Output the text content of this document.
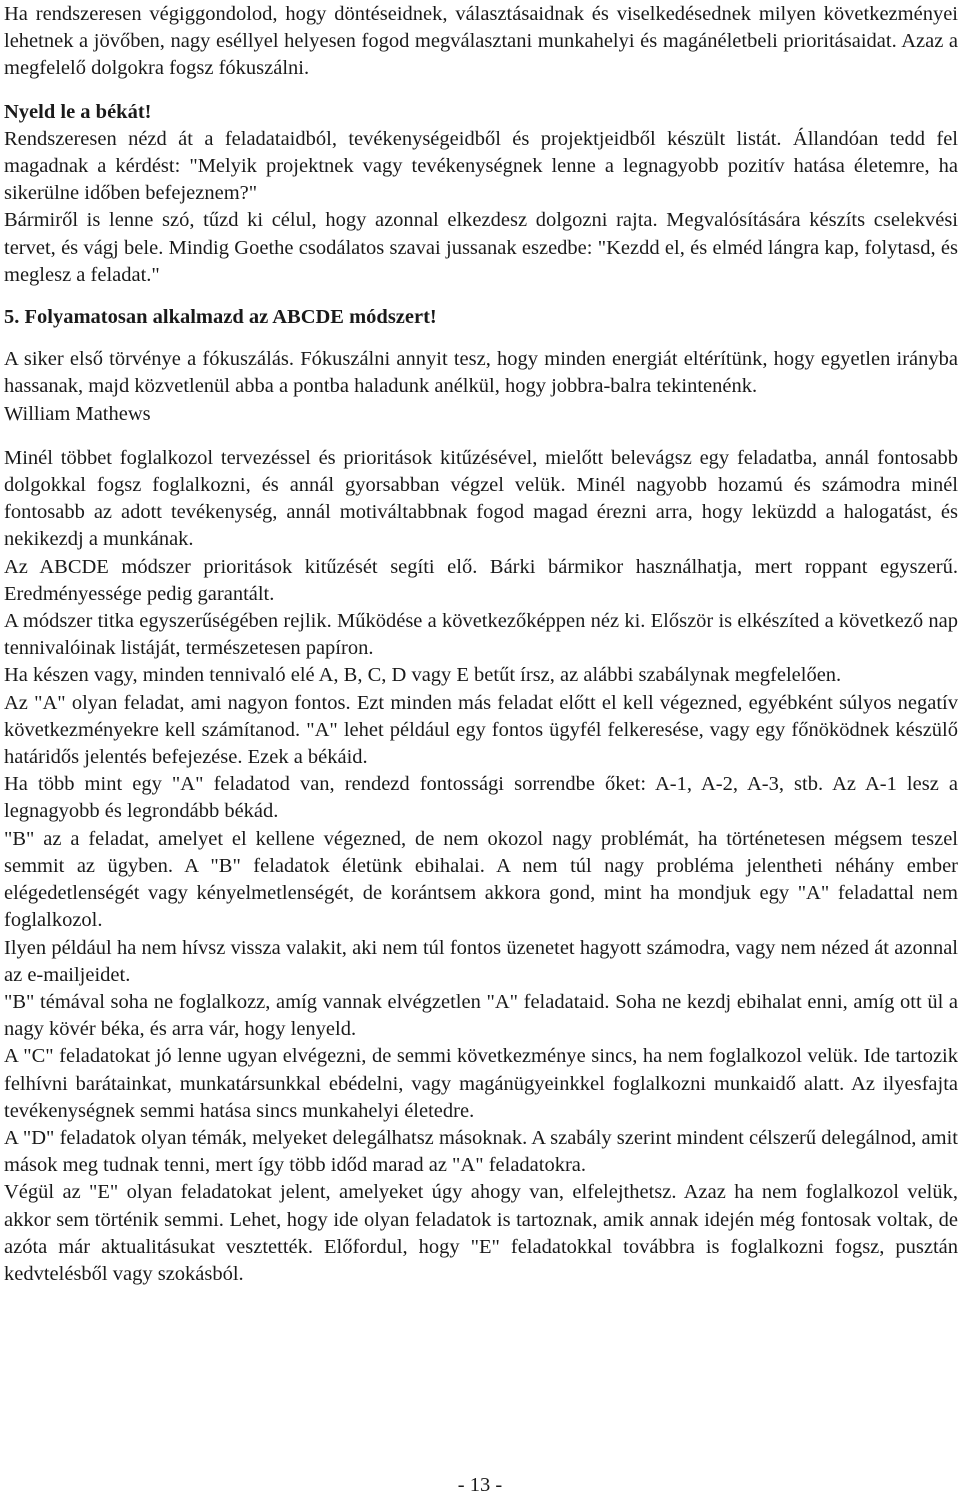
Ha rendszeresen végiggondolod, hogy döntéseidnek, választásaidnak és viselkedésednek milyen következményei lehetnek a jövőben, nagy eséllyel helyesen fogod megválasztani munkahelyi és magánéletbeli prioritásaidat. Azaz a megfelelő dolgokra fogsz fókuszálni.

Nyeld le a békát!

Rendszeresen nézd át a feladataidból, tevékenységeidből és projektjeidből készült listát. Állandóan tedd fel magadnak a kérdést: "Melyik projektnek vagy tevékenységnek lenne a legnagyobb pozitív hatása életemre, ha sikerülne időben befejeznem?"

Bármiről is lenne szó, tűzd ki célul, hogy azonnal elkezdesz dolgozni rajta. Megvalósítására készíts cselekvési tervet, és vágj bele. Mindig Goethe csodálatos szavai jussanak eszedbe: "Kezdd el, és elméd lángra kap, folytasd, és meglesz a feladat."

5. Folyamatosan alkalmazd az ABCDE módszert!

A siker első törvénye a fókuszálás. Fókuszálni annyit tesz, hogy minden energiát eltérítünk, hogy egyetlen irányba hassanak, majd közvetlenül abba a pontba haladunk anélkül, hogy jobbra-balra tekintenénk.

William Mathews

Minél többet foglalkozol tervezéssel és prioritások kitűzésével, mielőtt belevágsz egy feladatba, annál fontosabb dolgokkal fogsz foglalkozni, és annál gyorsabban végzel velük. Minél nagyobb hozamú és számodra minél fontosabb az adott tevékenység, annál motiváltabbnak fogod magad érezni arra, hogy leküzdd a halogatást, és nekikezdj a munkának.

Az ABCDE módszer prioritások kitűzését segíti elő. Bárki bármikor használhatja, mert roppant egyszerű. Eredményessége pedig garantált.

A módszer titka egyszerűségében rejlik. Működése a következőképpen néz ki. Először is elkészíted a következő nap tennivalóinak listáját, természetesen papíron.

Ha készen vagy, minden tennivaló elé A, B, C, D vagy E betűt írsz, az alábbi szabálynak megfelelően.

Az "A" olyan feladat, ami nagyon fontos. Ezt minden más feladat előtt el kell végezned, egyébként súlyos negatív következményekre kell számítanod. "A" lehet például egy fontos ügyfél felkeresése, vagy egy főnöködnek készülő határidős jelentés befejezése. Ezek a békáid.

Ha több mint egy "A" feladatod van, rendezd fontossági sorrendbe őket: A-1, A-2, A-3, stb. Az A-1 lesz a legnagyobb és legrondább békád.

"B" az a feladat, amelyet el kellene végezned, de nem okozol nagy problémát, ha történetesen mégsem teszel semmit az ügyben. A "B" feladatok életünk ebihalai. A nem túl nagy probléma jelentheti néhány ember elégedetlenségét vagy kényelmetlenségét, de korántsem akkora gond, mint ha mondjuk egy "A" feladattal nem foglalkozol.

Ilyen például ha nem hívsz vissza valakit, aki nem túl fontos üzenetet hagyott számodra, vagy nem nézed át azonnal az e-mailjeidet.

"B" témával soha ne foglalkozz, amíg vannak elvégzetlen "A" feladataid. Soha ne kezdj ebihalat enni, amíg ott ül a nagy kövér béka, és arra vár, hogy lenyeld.

A "C" feladatokat jó lenne ugyan elvégezni, de semmi következménye sincs, ha nem foglalkozol velük. Ide tartozik felhívni barátainkat, munkatársunkkal ebédelni, vagy magánügyeinkkel foglalkozni munkaidő alatt. Az ilyesfajta tevékenységnek semmi hatása sincs munkahelyi életedre.

A "D" feladatok olyan témák, melyeket delegálhatsz másoknak. A szabály szerint mindent célszerű delegálnod, amit mások meg tudnak tenni, mert így több időd marad az "A" feladatokra.

Végül az "E" olyan feladatokat jelent, amelyeket úgy ahogy van, elfelejthetsz. Azaz ha nem foglalkozol velük, akkor sem történik semmi. Lehet, hogy ide olyan feladatok is tartoznak, amik annak idején még fontosak voltak, de azóta már aktualitásukat vesztették. Előfordul, hogy "E" feladatokkal továbbra is foglalkozni fogsz, pusztán kedvtelésből vagy szokásból.

- 13 -
